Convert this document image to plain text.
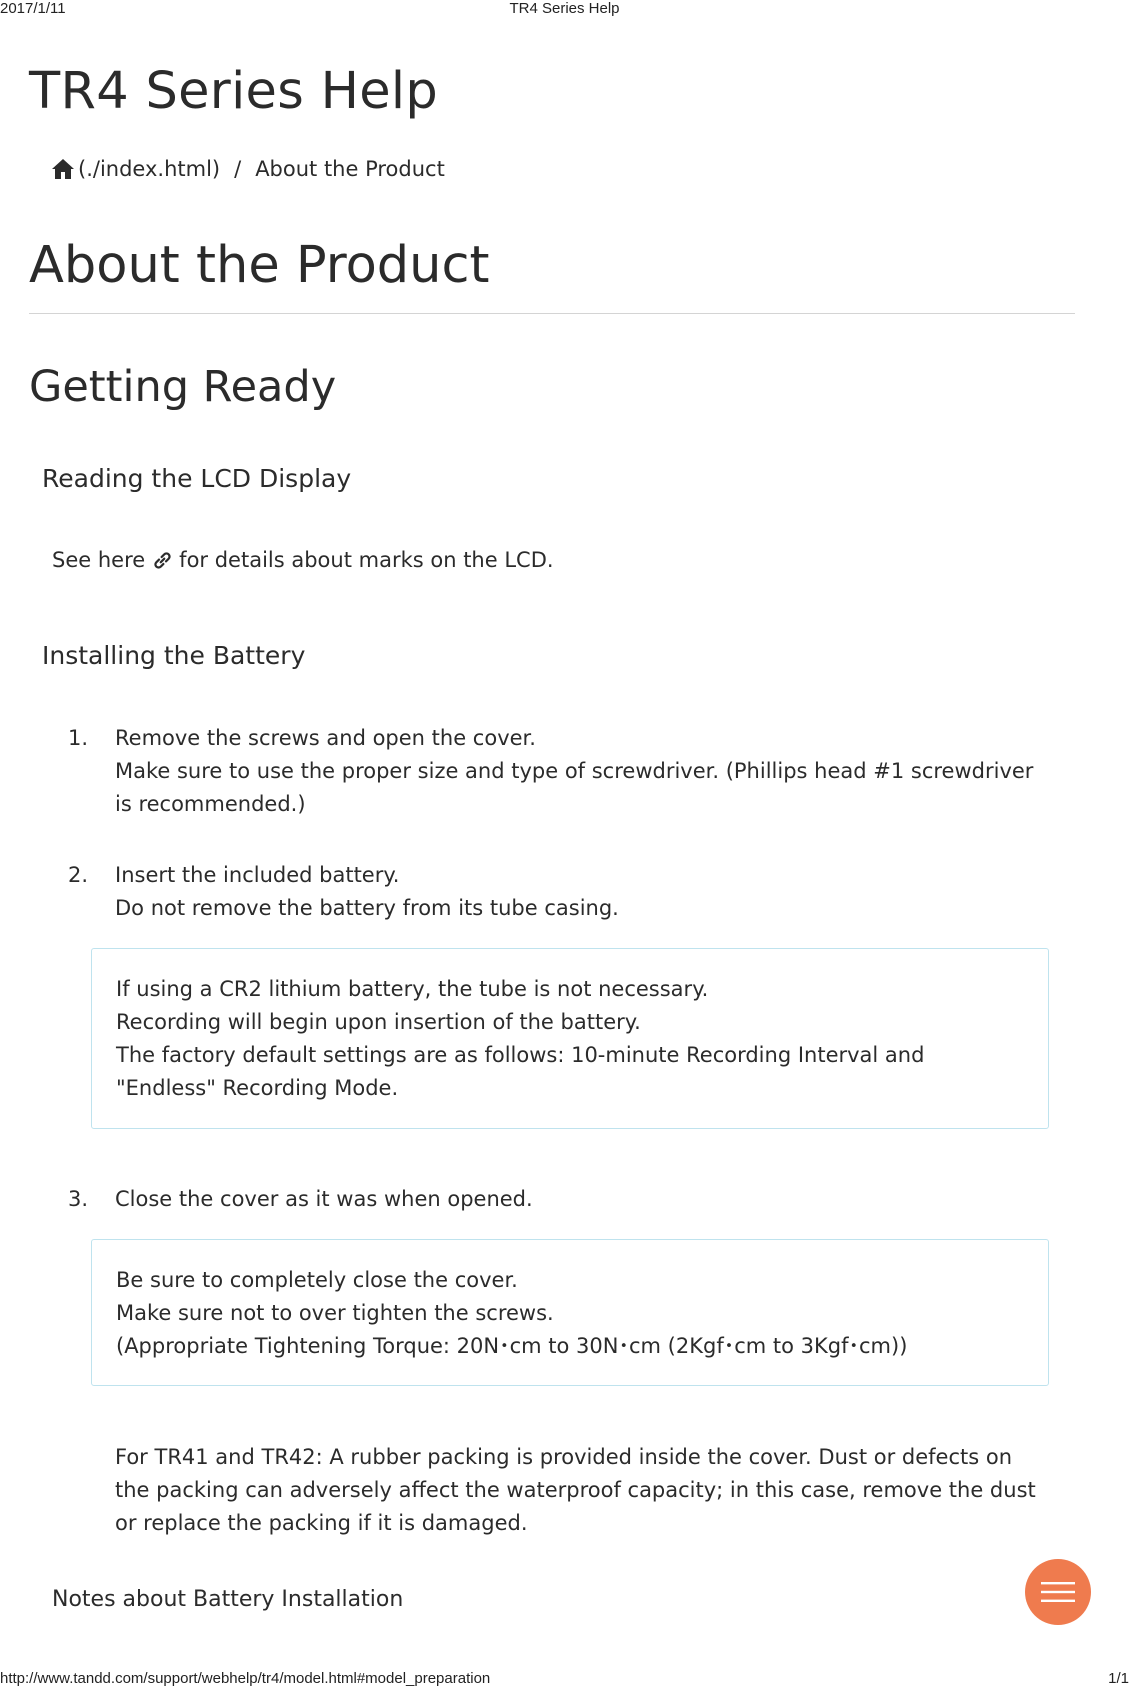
2017/1/11	TR4 Series Help
TR4 Series Help
(./index.html) / About the Product
About the Product
Getting Ready
Reading the LCD Display
See here for details about marks on the LCD.
Installing the Battery
1. Remove the screws and open the cover.
Make sure to use the proper size and type of screwdriver. (Phillips head #1 screwdriver is recommended.)
2. Insert the included battery.
Do not remove the battery from its tube casing.
If using a CR2 lithium battery, the tube is not necessary.
Recording will begin upon insertion of the battery.
The factory default settings are as follows: 10-minute Recording Interval and "Endless" Recording Mode.
3. Close the cover as it was when opened.
Be sure to completely close the cover.
Make sure not to over tighten the screws.
(Appropriate Tightening Torque: 20N･cm to 30N･cm (2Kgf･cm to 3Kgf･cm))
For TR41 and TR42: A rubber packing is provided inside the cover. Dust or defects on the packing can adversely affect the waterproof capacity; in this case, remove the dust or replace the packing if it is damaged.
Notes about Battery Installation
http://www.tandd.com/support/webhelp/tr4/model.html#model_preparation	1/1
